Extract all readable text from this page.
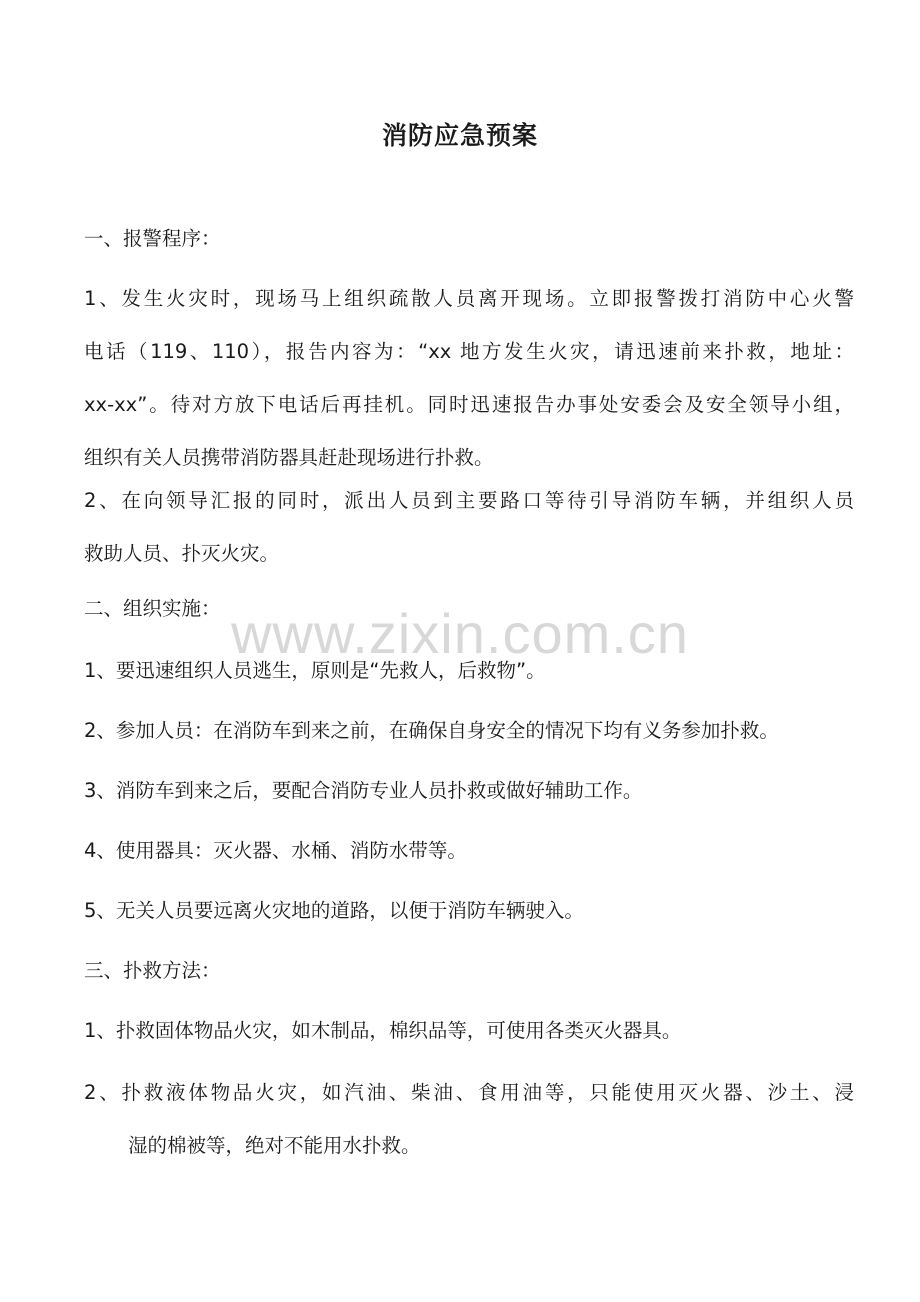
消防应急预案
www.zixin.com.cn
一、报警程序：
1、发生火灾时，现场马上组织疏散人员离开现场。立即报警拨打消防中心火警
电话（119、110），报告内容为：“xx 地方发生火灾，请迅速前来扑救，地址：
xx-xx”。待对方放下电话后再挂机。同时迅速报告办事处安委会及安全领导小组，
组织有关人员携带消防器具赶赴现场进行扑救。
2、在向领导汇报的同时，派出人员到主要路口等待引导消防车辆，并组织人员
救助人员、扑灭火灾。
二、组织实施：
1、要迅速组织人员逃生，原则是“先救人，后救物”。
2、参加人员：在消防车到来之前，在确保自身安全的情况下均有义务参加扑救。
3、消防车到来之后，要配合消防专业人员扑救或做好辅助工作。
4、使用器具：灭火器、水桶、消防水带等。
5、无关人员要远离火灾地的道路，以便于消防车辆驶入。
三、扑救方法：
1、扑救固体物品火灾，如木制品，棉织品等，可使用各类灭火器具。
2、扑救液体物品火灾，如汽油、柴油、食用油等，只能使用灭火器、沙土、浸
湿的棉被等，绝对不能用水扑救。
